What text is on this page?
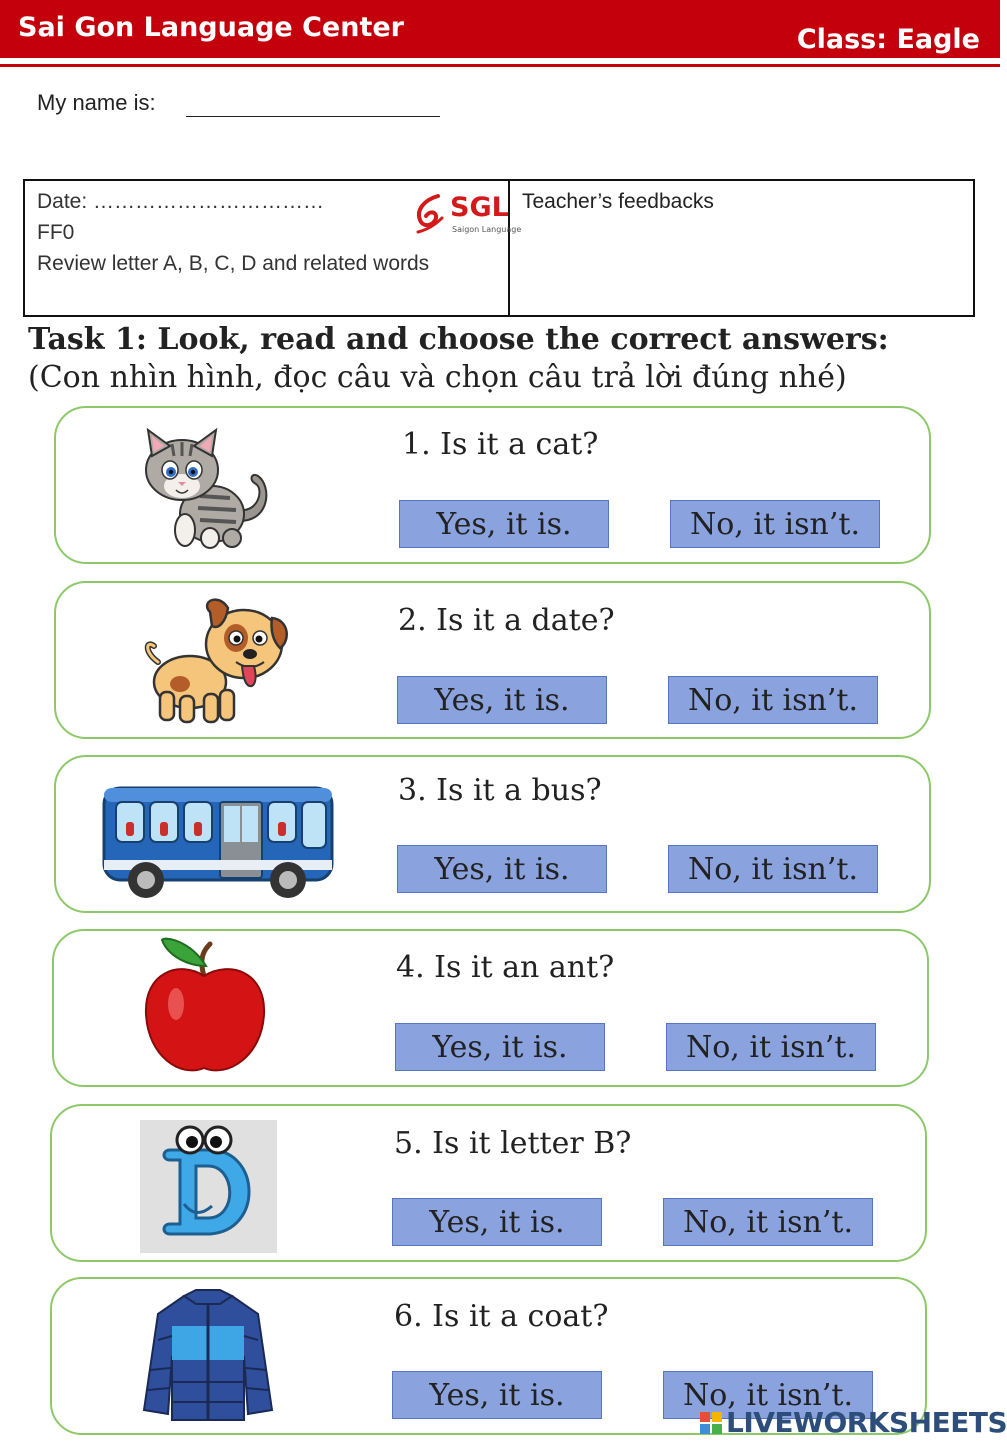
Sai Gon Language Center	Class: Eagle
My name is:
Date: ……………………………
FF0
Review letter A, B, C, D and related words
SGL
Saigon Language
Teacher’s feedbacks
Task 1: Look, read and choose the correct answers:
(Con nhìn hình, đọc câu và chọn câu trả lời đúng nhé)
1. Is it a cat?
Yes, it is.	No, it isn’t.
2. Is it a date?
Yes, it is.	No, it isn’t.
3. Is it a bus?
Yes, it is.	No, it isn’t.
4. Is it an ant?
Yes, it is.	No, it isn’t.
5. Is it letter B?
Yes, it is.	No, it isn’t.
6. Is it a coat?
Yes, it is.	No, it isn’t.
LIVEWORKSHEETS
